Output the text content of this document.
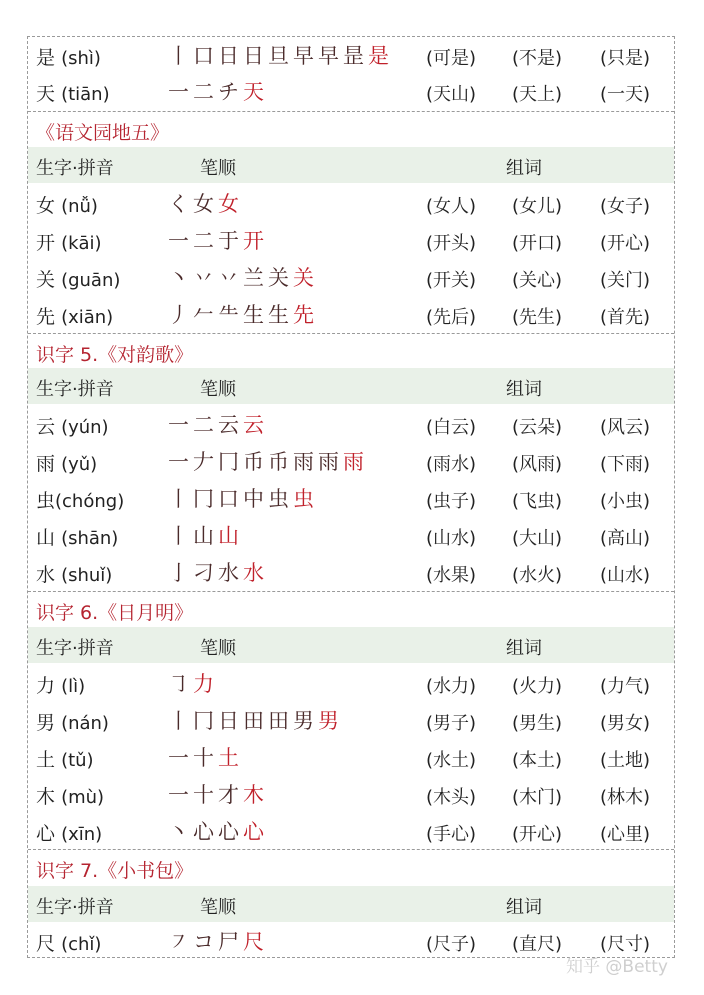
是 (shì)	丨 口 日 日 旦 早 早 昰 是 (可是) (不是) (只是)
天 (tiān)	一 二 チ 天	(天山) (天上) (一天)
《语文园地五》
生字·拼音	笔顺	组词
女 (nǚ)	く 女 女	(女人) (女儿) (女子)
开 (kāi)	一 二 于 开	(开头) (开口) (开心)
关 (guān) 丶 丷 丷 兰 关 关	(开关) (关心) (关门)
先 (xiān)	丿 𠂉 ⺧ 生 生 先	(先后) (先生) (首先)
识字 5.《对韵歌》
生字·拼音	笔顺	组词
云 (yún)	一 二 云 云	(白云) (云朵) (风云)
雨 (yǔ)	一 𠂇 冂 币 币 雨 雨 雨	(雨水) (风雨) (下雨)
虫(chóng) 丨 冂 口 中 虫 虫	(虫子) (飞虫) (小虫)
山 (shān) 丨 山 山	(山水) (大山) (高山)
水 (shuǐ)	亅 刁 水 水	(水果) (水火) (山水)
识字 6.《日月明》
生字·拼音	笔顺	组词
力 (lì)	㇆ 力	(水力) (火力) (力气)
男 (nán)	丨 冂 日 田 田 男 男	(男子) (男生) (男女)
土 (tǔ)	一 十 土	(水土) (本土) (土地)
木 (mù)	一 十 才 木	(木头) (木门) (林木)
心 (xīn)	丶 心 心 心	(手心) (开心) (心里)
识字 7.《小书包》
生字·拼音	笔顺	组词
尺 (chǐ)	㇇ コ 尸 尺	(尺子) (直尺) (尺寸)
知乎 @Betty
